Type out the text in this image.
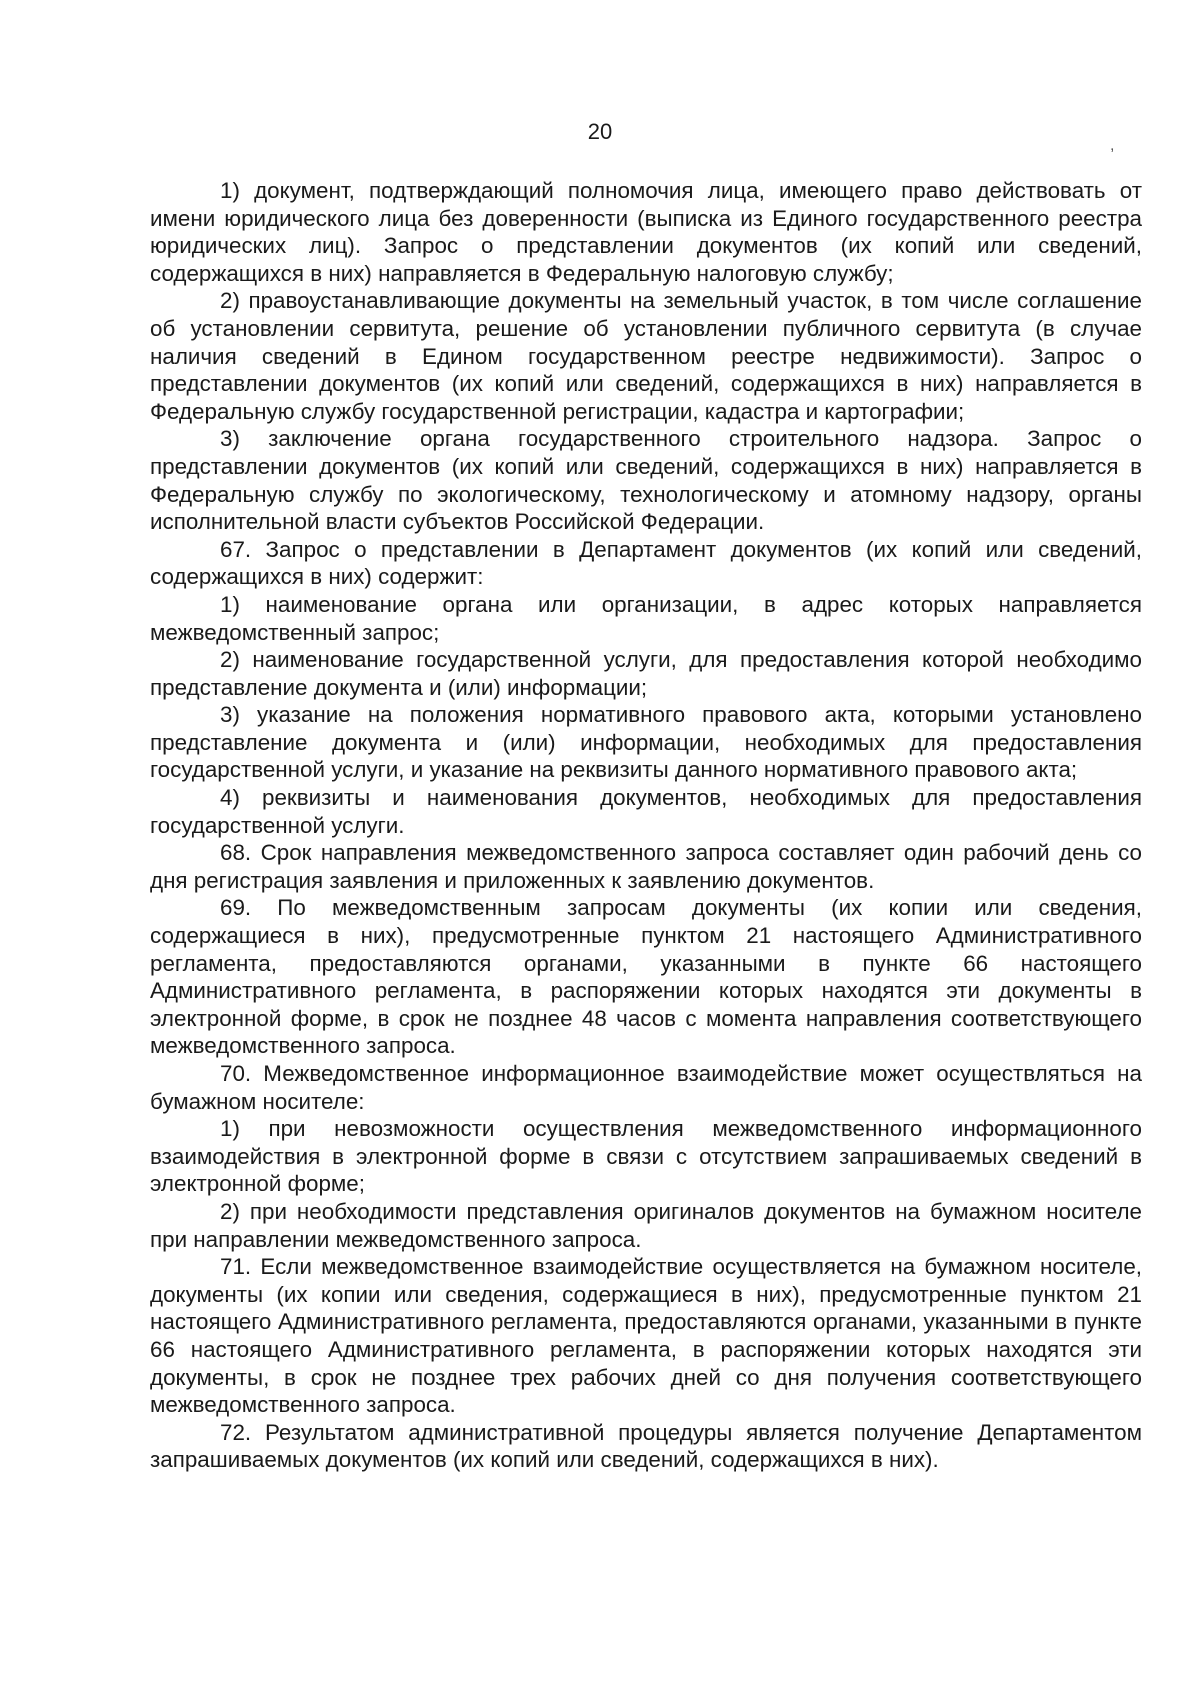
20
,

1) документ, подтверждающий полномочия лица, имеющего право действовать от имени юридического лица без доверенности (выписка из Единого государственного реестра юридических лиц). Запрос о представлении документов (их копий или сведений, содержащихся в них) направляется в Федеральную налоговую службу;

2) правоустанавливающие документы на земельный участок, в том числе соглашение об установлении сервитута, решение об установлении публичного сервитута (в случае наличия сведений в Едином государственном реестре недвижимости). Запрос о представлении документов (их копий или сведений, содержащихся в них) направляется в Федеральную службу государственной регистрации, кадастра и картографии;

3) заключение органа государственного строительного надзора. Запрос о представлении документов (их копий или сведений, содержащихся в них) направляется в Федеральную службу по экологическому, технологическому и атомному надзору, органы исполнительной власти субъектов Российской Федерации.

67. Запрос о представлении в Департамент документов (их копий или сведений, содержащихся в них) содержит:

1) наименование органа или организации, в адрес которых направляется межведомственный запрос;

2) наименование государственной услуги, для предоставления которой необходимо представление документа и (или) информации;

3) указание на положения нормативного правового акта, которыми установлено представление документа и (или) информации, необходимых для предоставления государственной услуги, и указание на реквизиты данного нормативного правового акта;

4) реквизиты и наименования документов, необходимых для предоставления государственной услуги.

68. Срок направления межведомственного запроса составляет один рабочий день со дня регистрация заявления и приложенных к заявлению документов.

69. По межведомственным запросам документы (их копии или сведения, содержащиеся в них), предусмотренные пунктом 21 настоящего Административного регламента, предоставляются органами, указанными в пункте 66 настоящего Административного регламента, в распоряжении которых находятся эти документы в электронной форме, в срок не позднее 48 часов с момента направления соответствующего межведомственного запроса.

70. Межведомственное информационное взаимодействие может осуществляться на бумажном носителе:

1) при невозможности осуществления межведомственного информационного взаимодействия в электронной форме в связи с отсутствием запрашиваемых сведений в электронной форме;

2) при необходимости представления оригиналов документов на бумажном носителе при направлении межведомственного запроса.

71. Если межведомственное взаимодействие осуществляется на бумажном носителе, документы (их копии или сведения, содержащиеся в них), предусмотренные пунктом 21 настоящего Административного регламента, предоставляются органами, указанными в пункте 66 настоящего Административного регламента, в распоряжении которых находятся эти документы, в срок не позднее трех рабочих дней со дня получения соответствующего межведомственного запроса.

72. Результатом административной процедуры является получение Департаментом запрашиваемых документов (их копий или сведений, содержащихся в них).
